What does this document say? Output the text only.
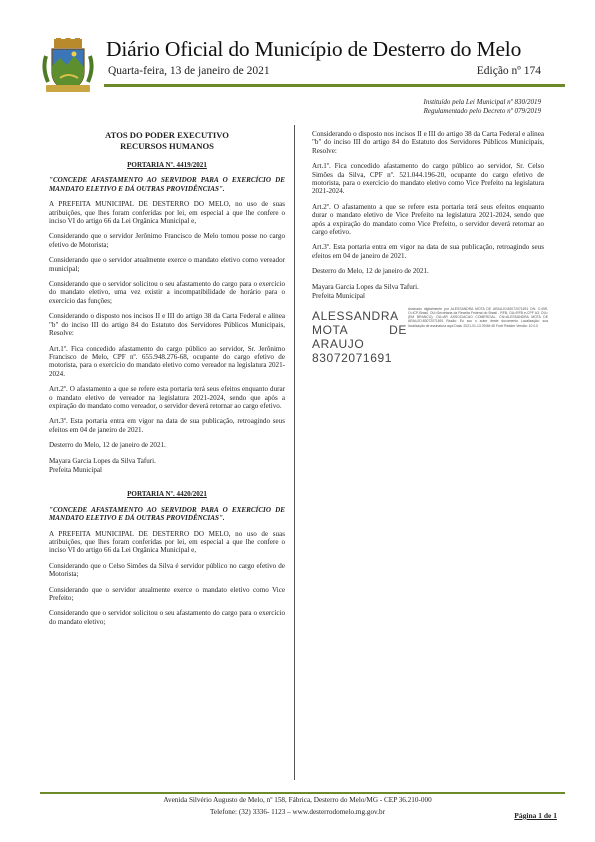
Diário Oficial do Município de Desterro do Melo
Quarta-feira, 13 de janeiro de 2021	Edição nº 174
Instituído pela Lei Municipal nº 830/2019
Regulamentado pelo Decreto nº 079/2019
ATOS DO PODER EXECUTIVO
RECURSOS HUMANOS

PORTARIA Nº. 4419/2021

"CONCEDE AFASTAMENTO AO SERVIDOR PARA O EXERCÍCIO DE MANDATO ELETIVO E DÁ OUTRAS PROVIDÊNCIAS".

A PREFEITA MUNICIPAL DE DESTERRO DO MELO, no uso de suas atribuições, que lhes foram conferidas por lei, em especial a que lhe confere o inciso VI do artigo 66 da Lei Orgânica Municipal e,

Considerando que o servidor Jerônimo Francisco de Melo tomou posse no cargo efetivo de Motorista;

Considerando que o servidor atualmente exerce o mandato eletivo como vereador municipal;

Considerando que o servidor solicitou o seu afastamento do cargo para o exercício do mandato eletivo, uma vez existir a incompatibilidade de horário para o exercício das funções;

Considerando o disposto nos incisos II e III do artigo 38 da Carta Federal e alínea "b" do inciso III do artigo 84 do Estatuto dos Servidores Públicos Municipais, Resolve:

Art.1º. Fica concedido afastamento do cargo público ao servidor, Sr. Jerônimo Francisco de Melo, CPF nº. 655.948.276-68, ocupante do cargo efetivo de motorista, para o exercício do mandato eletivo como vereador na legislatura 2021-2024.

Art.2º. O afastamento a que se refere esta portaria terá seus efeitos enquanto durar o mandato eletivo de vereador na legislatura 2021-2024, sendo que após a expiração do mandato como vereador, o servidor deverá retornar ao cargo efetivo.

Art.3º. Esta portaria entra em vigor na data de sua publicação, retroagindo seus efeitos em 04 de janeiro de 2021.

Desterro do Melo, 12 de janeiro de 2021.

Mayara Garcia Lopes da Silva Tafuri.

Prefeita Municipal

PORTARIA Nº. 4420/2021

"CONCEDE AFASTAMENTO AO SERVIDOR PARA O EXERCÍCIO DE MANDATO ELETIVO E DÁ OUTRAS PROVIDÊNCIAS".

A PREFEITA MUNICIPAL DE DESTERRO DO MELO, no uso de suas atribuições, que lhes foram conferidas por lei, em especial a que lhe confere o inciso VI do artigo 66 da Lei Orgânica Municipal e,

Considerando que o Celso Simões da Silva é servidor público no cargo efetivo de Motorista;

Considerando que o servidor atualmente exerce o mandato eletivo como Vice Prefeito;

Considerando que o servidor solicitou o seu afastamento do cargo para o exercício do mandato eletivo;

Considerando o disposto nos incisos II e III do artigo 38 da Carta Federal e alínea "b" do inciso III do artigo 84 do Estatuto dos Servidores Públicos Municipais, Resolve:

Art.1º. Fica concedido afastamento do cargo público ao servidor, Sr. Celso Simões da Silva, CPF nº. 521.044.196-20, ocupante do cargo efetivo de motorista, para o exercício do mandato eletivo como Vice Prefeito na legislatura 2021-2024.

Art.2º. O afastamento a que se refere esta portaria terá seus efeitos enquanto durar o mandato eletivo de Vice Prefeito na legislatura 2021-2024, sendo que após a expiração do mandato como Vice Prefeito, o servidor deverá retornar ao cargo efetivo.

Art.3º. Esta portaria entra em vigor na data de sua publicação, retroagindo seus efeitos em 04 de janeiro de 2021.

Desterro do Melo, 12 de janeiro de 2021.

Mayara Garcia Lopes da Silva Tafuri.

Prefeita Municipal

ALESSANDRA
MOTA DE ARAUJO
83072071691
Assinado digitalmente por ALESSANDRA MOTA DE ARAUJO:83072071691 DN: C=BR, O=ICP-Brasil, OU=Secretaria da Receita Federal do Brasil - RFB, OU=RFB e-CPF A3, OU=(EM BRANCO), OU=AR ASSOCIACAO COMERCIAL, CN=ALESSANDRA MOTA DE ARAUJO:83072071691 Razão: Eu sou o autor deste documento Localização: sua localização de assinatura aqui Data: 2021-01-13 09:56:45 Foxit Reader Versão: 10.0.0
Avenida Silvério Augusto de Melo, nº 158, Fábrica, Desterro do Melo/MG - CEP 36.210-000
Telefone: (32) 3336- 1123 – www.desterrodomelo.mg.gov.br	Página 1 de 1
